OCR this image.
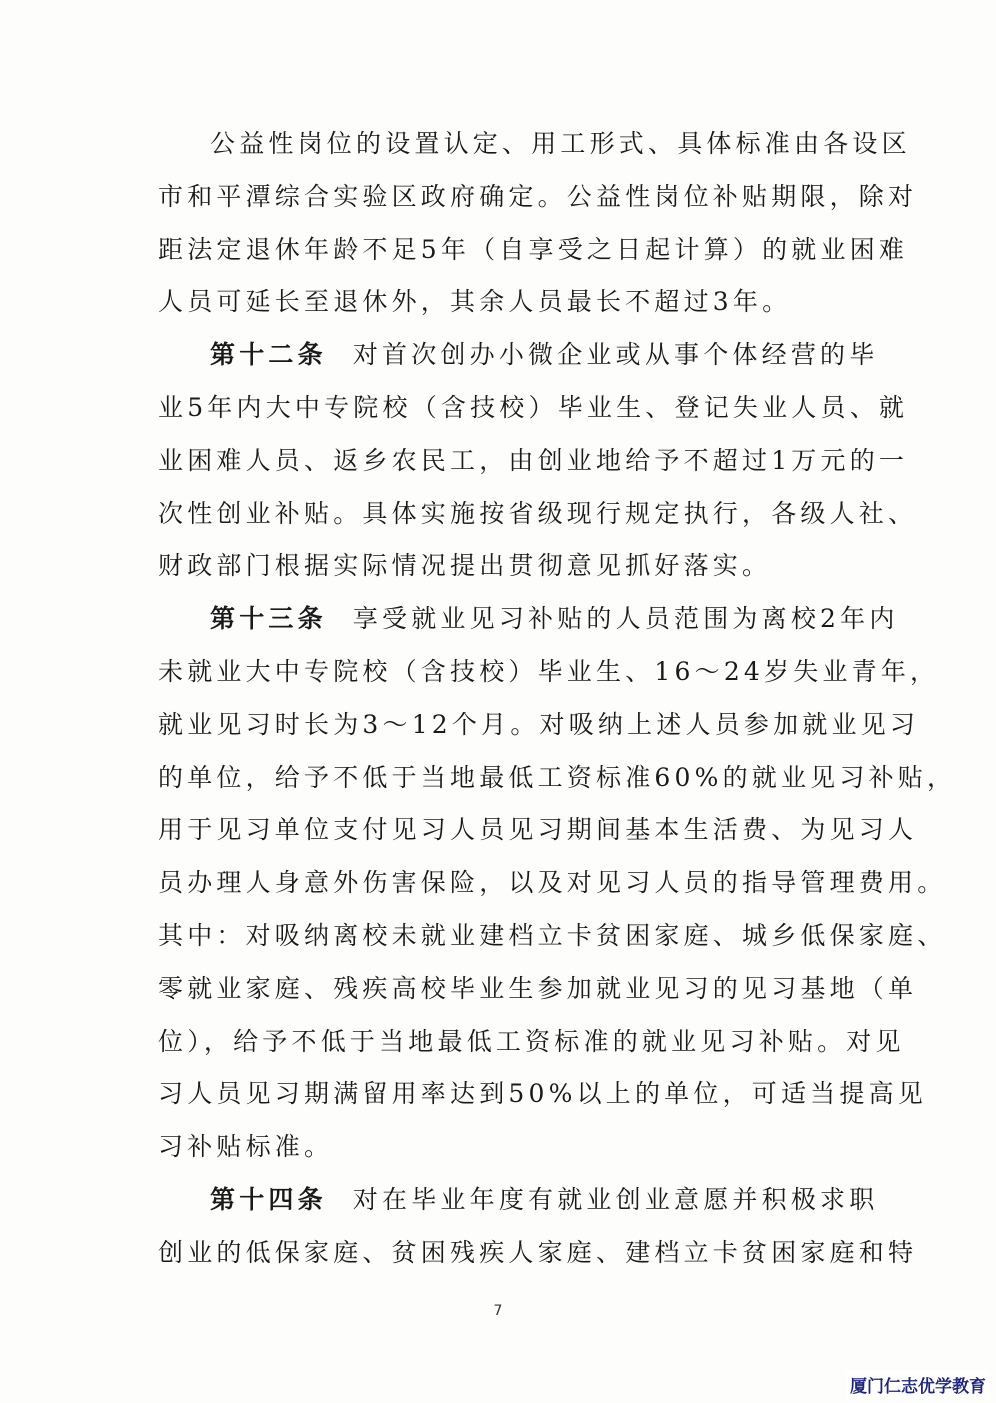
公益性岗位的设置认定、用工形式、具体标准由各设区
市和平潭综合实验区政府确定。公益性岗位补贴期限，除对
距法定退休年龄不足5年（自享受之日起计算）的就业困难
人员可延长至退休外，其余人员最长不超过3年。
第十二条 对首次创办小微企业或从事个体经营的毕
业5年内大中专院校（含技校）毕业生、登记失业人员、就
业困难人员、返乡农民工，由创业地给予不超过1万元的一
次性创业补贴。具体实施按省级现行规定执行，各级人社、
财政部门根据实际情况提出贯彻意见抓好落实。
第十三条 享受就业见习补贴的人员范围为离校2年内
未就业大中专院校（含技校）毕业生、16～24岁失业青年，
就业见习时长为3～12个月。对吸纳上述人员参加就业见习
的单位，给予不低于当地最低工资标准60%的就业见习补贴，
用于见习单位支付见习人员见习期间基本生活费、为见习人
员办理人身意外伤害保险，以及对见习人员的指导管理费用。
其中：对吸纳离校未就业建档立卡贫困家庭、城乡低保家庭、
零就业家庭、残疾高校毕业生参加就业见习的见习基地（单
位），给予不低于当地最低工资标准的就业见习补贴。对见
习人员见习期满留用率达到50%以上的单位，可适当提高见
习补贴标准。
第十四条 对在毕业年度有就业创业意愿并积极求职
创业的低保家庭、贫困残疾人家庭、建档立卡贫困家庭和特
7
厦门仁志优学教育
